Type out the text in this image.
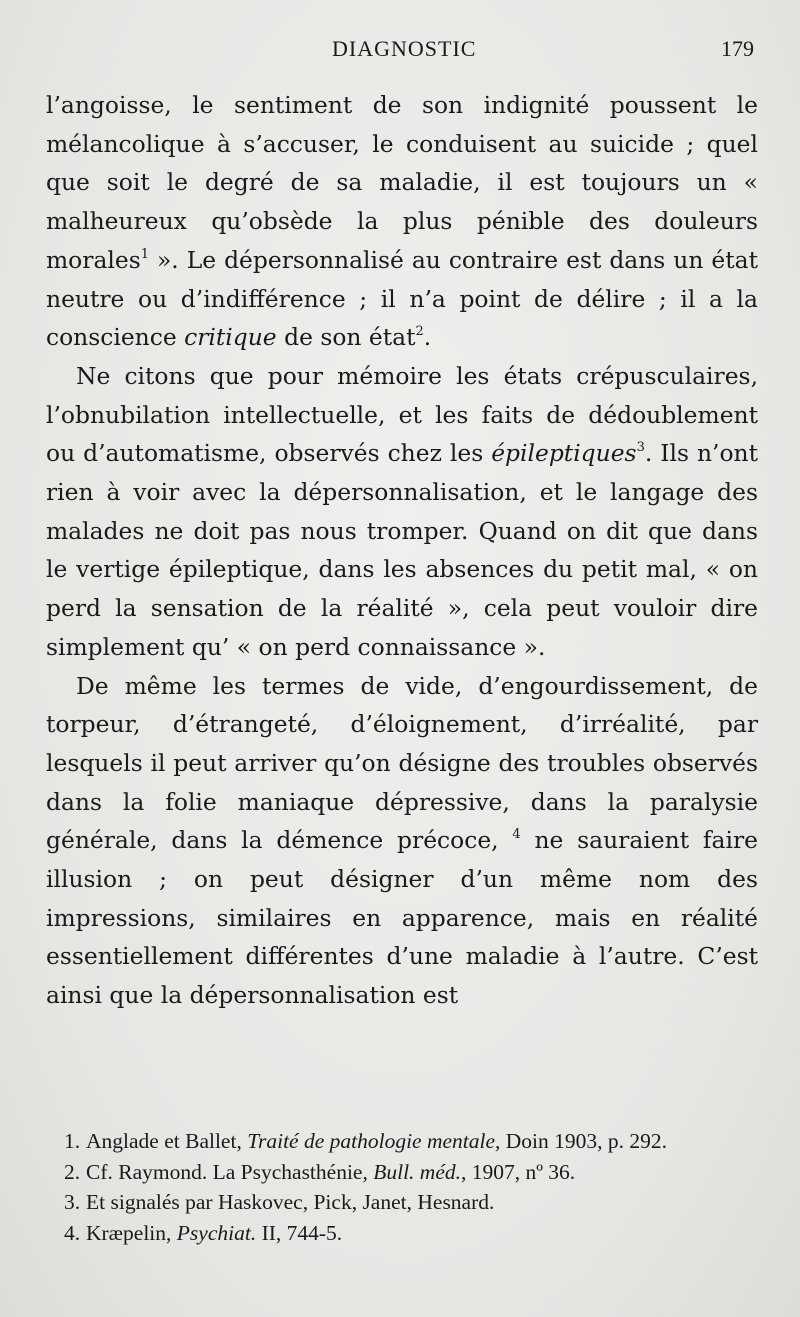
DIAGNOSTIC	179

l’angoisse, le sentiment de son indignité poussent le mélancolique à s’accuser, le conduisent au suicide ; quel que soit le degré de sa maladie, il est toujours un « malheureux qu’obsède la plus pénible des douleurs morales$^1$ ». Le dépersonnalisé au contraire est dans un état neutre ou d’indifférence ; il n’a point de délire ; il a la conscience critique de son état$^2$.

Ne citons que pour mémoire les états crépusculaires, l’obnubilation intellectuelle, et les faits de dédoublement ou d’automatisme, observés chez les épileptiques$^3$. Ils n’ont rien à voir avec la dépersonnalisation, et le langage des malades ne doit pas nous tromper. Quand on dit que dans le vertige épileptique, dans les absences du petit mal, « on perd la sensation de la réalité », cela peut vouloir dire simplement qu’ « on perd connaissance ».

De même les termes de vide, d’engourdissement, de torpeur, d’étrangeté, d’éloignement, d’irréalité, par lesquels il peut arriver qu’on désigne des troubles observés dans la folie maniaque dépressive, dans la paralysie générale, dans la démence précoce, $^4$ ne sauraient faire illusion ; on peut désigner d’un même nom des impressions, similaires en apparence, mais en réalité essentiellement différentes d’une maladie à l’autre. C’est ainsi que la dépersonnalisation est

1. Anglade et Ballet, Traité de pathologie mentale, Doin 1903, p. 292.

2. Cf. Raymond. La Psychasthénie, Bull. méd., 1907, nº 36.

3. Et signalés par Haskovec, Pick, Janet, Hesnard.

4. Kræpelin, Psychiat. II, 744-5.
